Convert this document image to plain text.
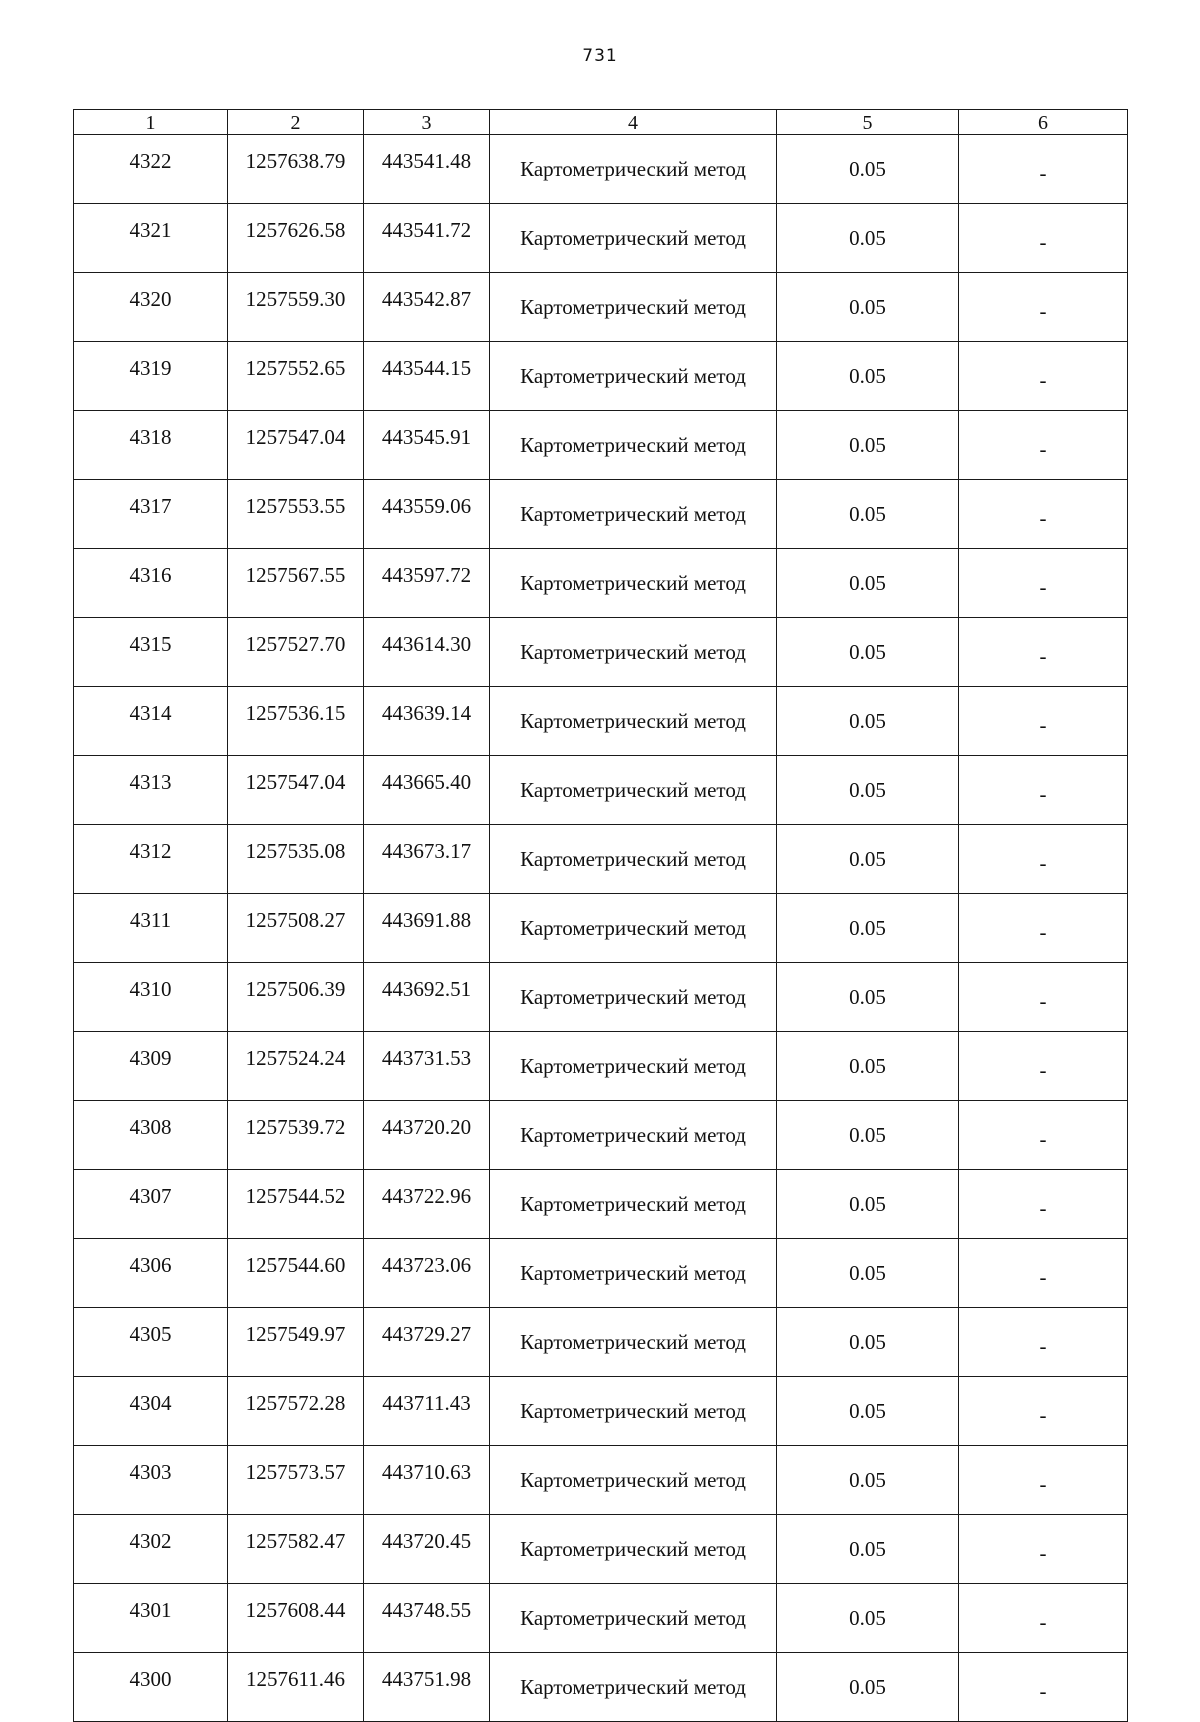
731
1	2	3	4	5	6
4322	1257638.79	443541.48	Картометрический метод	0.05	-
4321	1257626.58	443541.72	Картометрический метод	0.05	-
4320	1257559.30	443542.87	Картометрический метод	0.05	-
4319	1257552.65	443544.15	Картометрический метод	0.05	-
4318	1257547.04	443545.91	Картометрический метод	0.05	-
4317	1257553.55	443559.06	Картометрический метод	0.05	-
4316	1257567.55	443597.72	Картометрический метод	0.05	-
4315	1257527.70	443614.30	Картометрический метод	0.05	-
4314	1257536.15	443639.14	Картометрический метод	0.05	-
4313	1257547.04	443665.40	Картометрический метод	0.05	-
4312	1257535.08	443673.17	Картометрический метод	0.05	-
4311	1257508.27	443691.88	Картометрический метод	0.05	-
4310	1257506.39	443692.51	Картометрический метод	0.05	-
4309	1257524.24	443731.53	Картометрический метод	0.05	-
4308	1257539.72	443720.20	Картометрический метод	0.05	-
4307	1257544.52	443722.96	Картометрический метод	0.05	-
4306	1257544.60	443723.06	Картометрический метод	0.05	-
4305	1257549.97	443729.27	Картометрический метод	0.05	-
4304	1257572.28	443711.43	Картометрический метод	0.05	-
4303	1257573.57	443710.63	Картометрический метод	0.05	-
4302	1257582.47	443720.45	Картометрический метод	0.05	-
4301	1257608.44	443748.55	Картометрический метод	0.05	-
4300	1257611.46	443751.98	Картометрический метод	0.05	-
